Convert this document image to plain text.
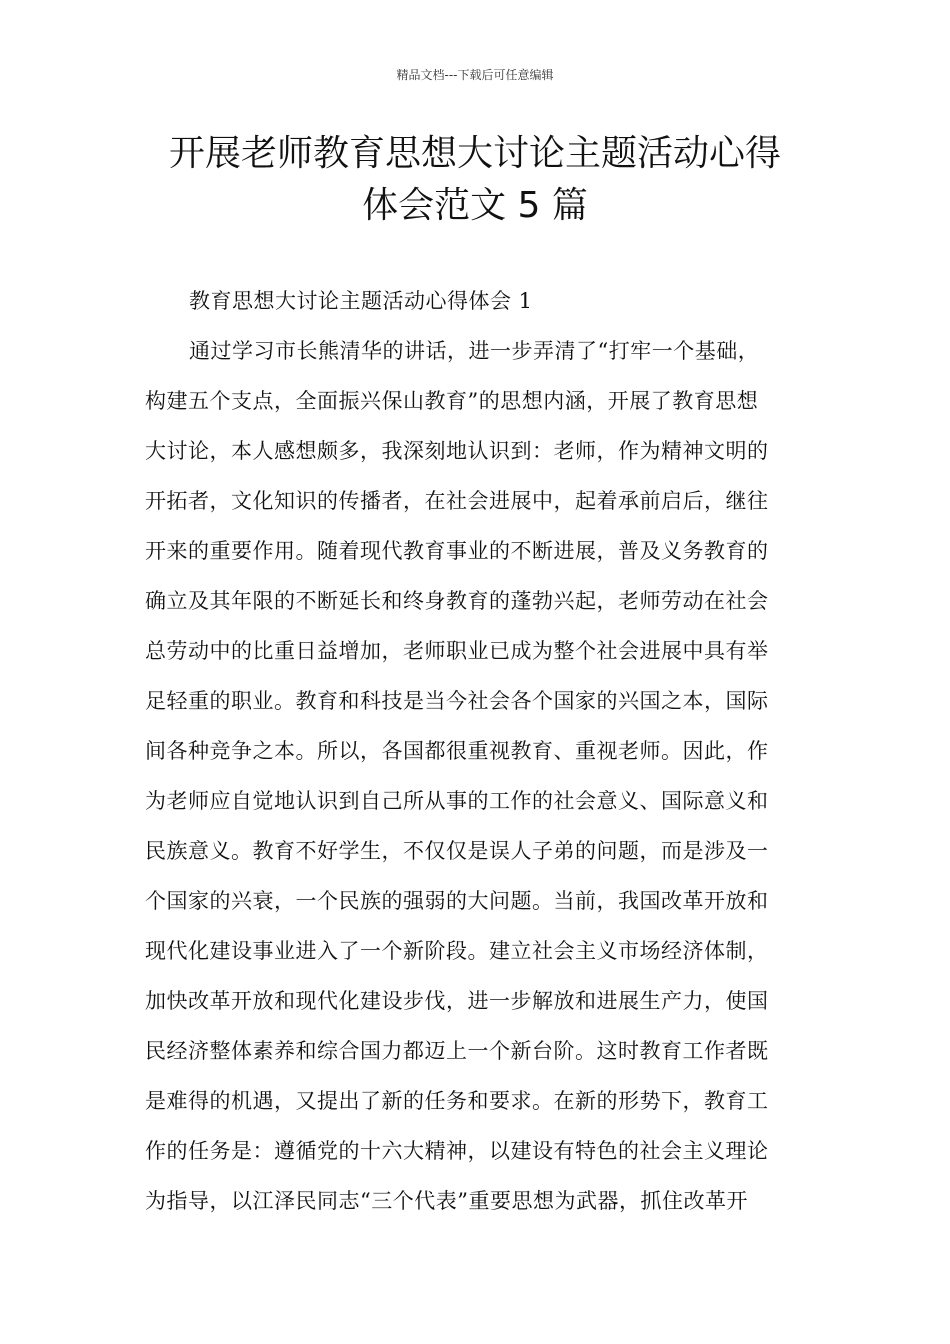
精品文档---下载后可任意编辑
开展老师教育思想大讨论主题活动心得
体会范文 5 篇
教育思想大讨论主题活动心得体会 1
通过学习市长熊清华的讲话，进一步弄清了“打牢一个基础，
构建五个支点，全面振兴保山教育”的思想内涵，开展了教育思想
大讨论，本人感想颇多，我深刻地认识到：老师，作为精神文明的
开拓者，文化知识的传播者，在社会进展中，起着承前启后，继往
开来的重要作用。随着现代教育事业的不断进展，普及义务教育的
确立及其年限的不断延长和终身教育的蓬勃兴起，老师劳动在社会
总劳动中的比重日益增加，老师职业已成为整个社会进展中具有举
足轻重的职业。教育和科技是当今社会各个国家的兴国之本，国际
间各种竞争之本。所以，各国都很重视教育、重视老师。因此，作
为老师应自觉地认识到自己所从事的工作的社会意义、国际意义和
民族意义。教育不好学生，不仅仅是误人子弟的问题，而是涉及一
个国家的兴衰，一个民族的强弱的大问题。当前，我国改革开放和
现代化建设事业进入了一个新阶段。建立社会主义市场经济体制，
加快改革开放和现代化建设步伐，进一步解放和进展生产力，使国
民经济整体素养和综合国力都迈上一个新台阶。这时教育工作者既
是难得的机遇，又提出了新的任务和要求。在新的形势下，教育工
作的任务是：遵循党的十六大精神，以建设有特色的社会主义理论
为指导，以江泽民同志“三个代表”重要思想为武器，抓住改革开
